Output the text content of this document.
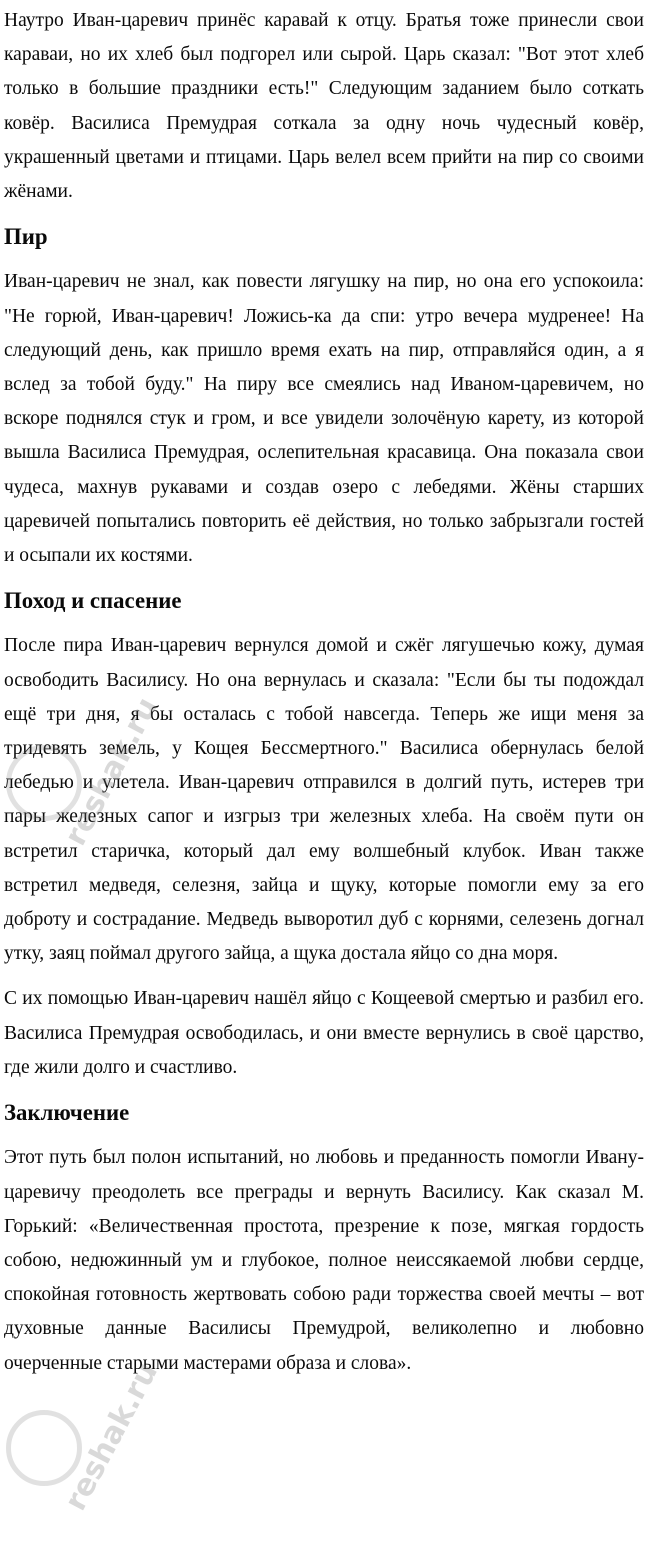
Наутро Иван-царевич принёс каравай к отцу. Братья тоже принесли свои караваи, но их хлеб был подгорел или сырой. Царь сказал: "Вот этот хлеб только в большие праздники есть!" Следующим заданием было соткать ковёр. Василиса Премудрая соткала за одну ночь чудесный ковёр, украшенный цветами и птицами. Царь велел всем прийти на пир со своими жёнами.

Пир

Иван-царевич не знал, как повести лягушку на пир, но она его успокоила: "Не горюй, Иван-царевич! Ложись-ка да спи: утро вечера мудренее! На следующий день, как пришло время ехать на пир, отправляйся один, а я вслед за тобой буду." На пиру все смеялись над Иваном-царевичем, но вскоре поднялся стук и гром, и все увидели золочёную карету, из которой вышла Василиса Премудрая, ослепительная красавица. Она показала свои чудеса, махнув рукавами и создав озеро с лебедями. Жёны старших царевичей попытались повторить её действия, но только забрызгали гостей и осыпали их костями.

Поход и спасение

После пира Иван-царевич вернулся домой и сжёг лягушечью кожу, думая освободить Василису. Но она вернулась и сказала: "Если бы ты подождал ещё три дня, я бы осталась с тобой навсегда. Теперь же ищи меня за тридевять земель, у Кощея Бессмертного." Василиса обернулась белой лебедью и улетела. Иван-царевич отправился в долгий путь, истерев три пары железных сапог и изгрыз три железных хлеба. На своём пути он встретил старичка, который дал ему волшебный клубок. Иван также встретил медведя, селезня, зайца и щуку, которые помогли ему за его доброту и сострадание. Медведь выворотил дуб с корнями, селезень догнал утку, заяц поймал другого зайца, а щука достала яйцо со дна моря.

С их помощью Иван-царевич нашёл яйцо с Кощеевой смертью и разбил его. Василиса Премудрая освободилась, и они вместе вернулись в своё царство, где жили долго и счастливо.

Заключение

Этот путь был полон испытаний, но любовь и преданность помогли Ивану-царевичу преодолеть все преграды и вернуть Василису. Как сказал М. Горький: «Величественная простота, презрение к позе, мягкая гордость собою, недюжинный ум и глубокое, полное неиссякаемой любви сердце, спокойная готовность жертвовать собою ради торжества своей мечты – вот духовные данные Василисы Премудрой, великолепно и любовно очерченные старыми мастерами образа и слова».

reshak.ru
reshak.ru
